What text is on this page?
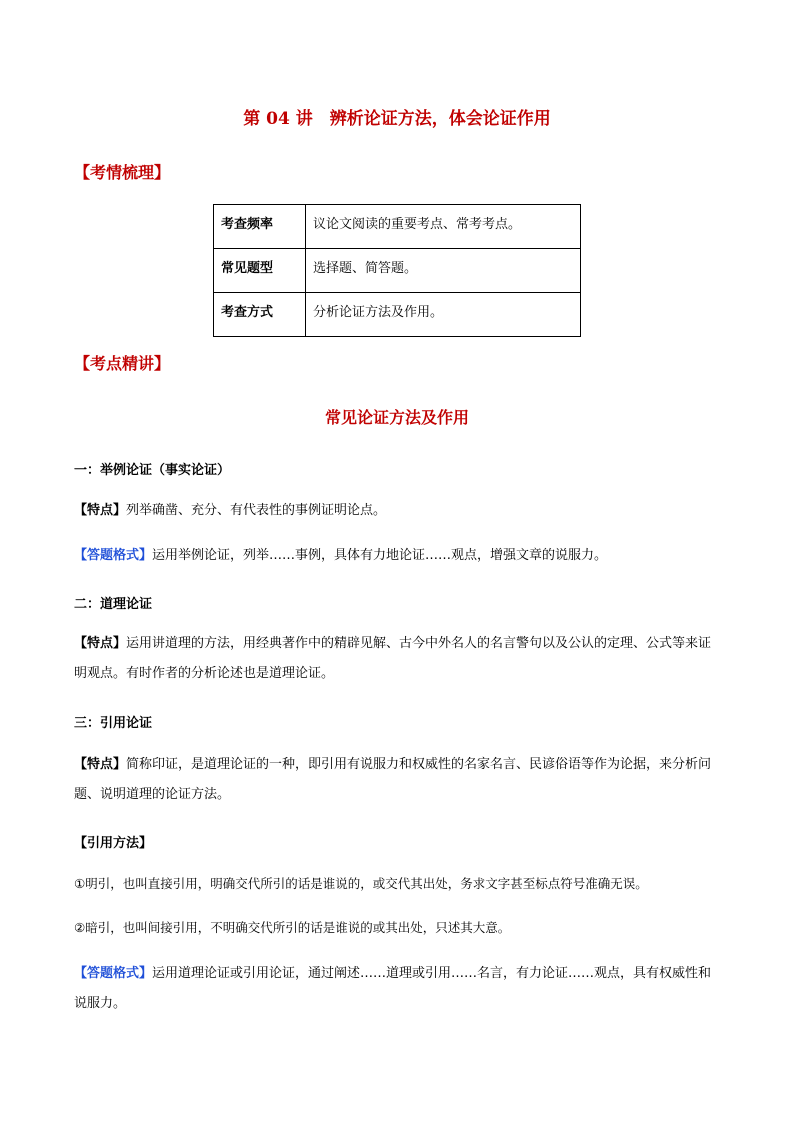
第 04 讲　辨析论证方法，体会论证作用
【考情梳理】
考查频率	议论文阅读的重要考点、常考考点。
常见题型	选择题、简答题。
考查方式	分析论证方法及作用。
【考点精讲】
常见论证方法及作用
一：举例论证（事实论证）
【特点】列举确凿、充分、有代表性的事例证明论点。
【答题格式】运用举例论证，列举……事例，具体有力地论证……观点，增强文章的说服力。
二：道理论证
【特点】运用讲道理的方法，用经典著作中的精辟见解、古今中外名人的名言警句以及公认的定理、公式等来证明观点。有时作者的分析论述也是道理论证。
三：引用论证
【特点】简称印证，是道理论证的一种，即引用有说服力和权威性的名家名言、民谚俗语等作为论据，来分析问题、说明道理的论证方法。
【引用方法】
①明引，也叫直接引用，明确交代所引的话是谁说的，或交代其出处，务求文字甚至标点符号准确无误。
②暗引，也叫间接引用，不明确交代所引的话是谁说的或其出处，只述其大意。
【答题格式】运用道理论证或引用论证，通过阐述……道理或引用……名言，有力论证……观点，具有权威性和说服力。
